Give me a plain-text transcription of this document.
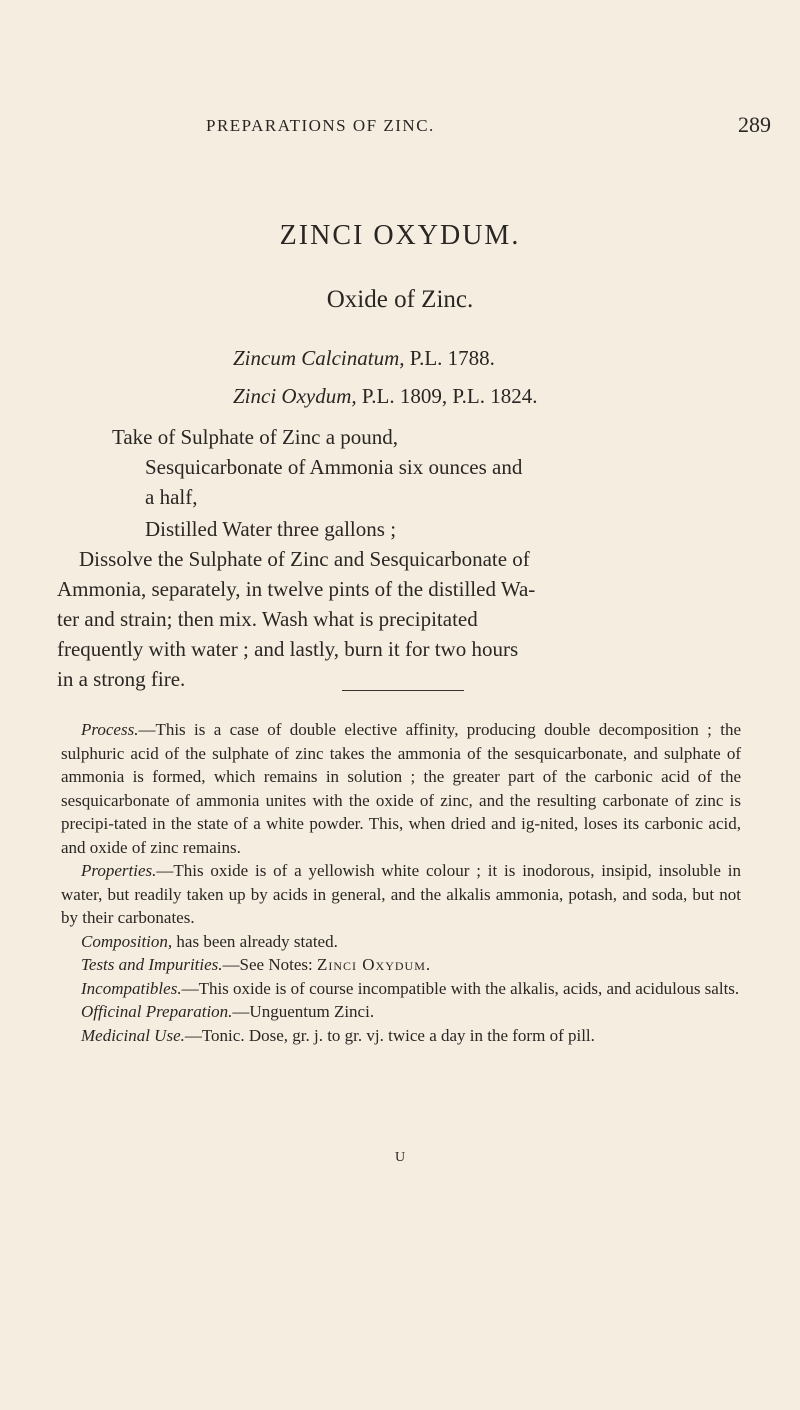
PREPARATIONS OF ZINC.	289
ZINCI OXYDUM.
Oxide of Zinc.
Zincum Calcinatum, P.L. 1788.
Zinci Oxydum, P.L. 1809, P.L. 1824.
Take of Sulphate of Zinc a pound,
Sesquicarbonate of Ammonia six ounces and
a half,
Distilled Water three gallons ;
Dissolve the Sulphate of Zinc and Sesquicarbonate of
Ammonia, separately, in twelve pints of the distilled Wa-
ter and strain; then mix. Wash what is precipitated
frequently with water ; and lastly, burn it for two hours
in a strong fire.

Process.—This is a case of double elective affinity, producing double decomposition ; the sulphuric acid of the sulphate of zinc takes the ammonia of the sesquicarbonate, and sulphate of ammonia is formed, which remains in solution ; the greater part of the carbonic acid of the sesquicarbonate of ammonia unites with the oxide of zinc, and the resulting carbonate of zinc is precipi-tated in the state of a white powder. This, when dried and ig-nited, loses its carbonic acid, and oxide of zinc remains.

Properties.—This oxide is of a yellowish white colour ; it is inodorous, insipid, insoluble in water, but readily taken up by acids in general, and the alkalis ammonia, potash, and soda, but not by their carbonates.

Composition, has been already stated.

Tests and Impurities.—See Notes: Zinci Oxydum.

Incompatibles.—This oxide is of course incompatible with the alkalis, acids, and acidulous salts.

Officinal Preparation.—Unguentum Zinci.

Medicinal Use.—Tonic. Dose, gr. j. to gr. vj. twice a day in the form of pill.

U
